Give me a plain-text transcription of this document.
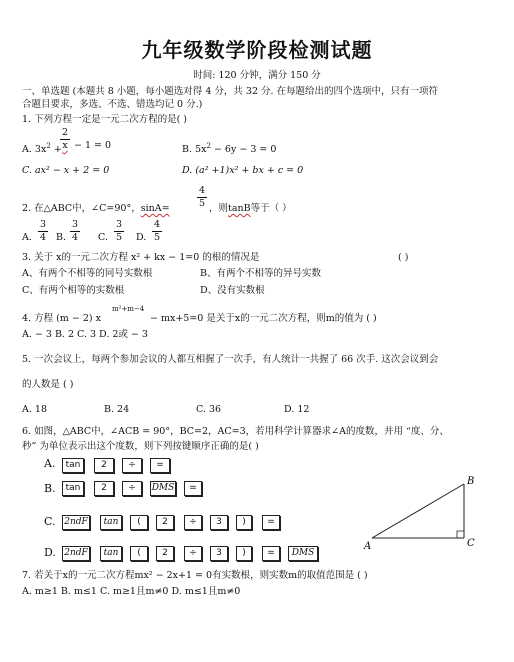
九年级数学阶段检测试题
时间: 120 分钟，满分 150 分
一、单选题 (本题共 8 小题，每小题选对得 4 分，共 32 分. 在每题给出的四个选项中，只有一项符
合题目要求，多选、不选、错选均记 0 分.)
1. 下列方程一定是一元二次方程的是( )
A. $3x^2$ +
2
x − 1 = 0	B. $5x^2 - 6y - 3 = 0$
C. ax² − x + 2 = 0	D. (a² +1)x² + bx + c = 0
2. 在△ABC中，∠C=90°，sinA=
4
5 ，则tanB等于（ ）
A.
3
4 B.
3
4 C.
3
5 D.
4
5
3. 关于 x的一元二次方程 x² + kx − 1=0 的根的情况是	( )
A、有两个不相等的同号实数根	B、有两个不相等的异号实数
C、有两个相等的实数根	D、没有实数根
4. 方程 (m − 2) x
m²+m−4
− mx+5=0 是关于x的一元二次方程，则m的值为 ( )
A. − 3 B. 2 C. 3 D. 2或 − 3
5. 一次会议上，每两个参加会议的人都互相握了一次手，有人统计一共握了 66 次手. 这次会议到会
的人数是 ( )
A. 18	B. 24	C. 36	D. 12
6. 如图，△ABC中，∠ACB = 90°，BC=2，AC=3，若用科学计算器求∠A的度数，并用 “度、分、
秒” 为单位表示出这个度数，则下列按键顺序正确的是( )
A.	tan	2	÷	=
B.	tan	2	÷	DMS	=
C. 2ndF	tan	(	2	÷	3	)	=
D. 2ndF	tan	(	2	÷	3	)	=	DMS
A
B
C
7. 若关于x的一元二次方程mx² − 2x+1 = 0有实数根，则实数m的取值范围是 ( )
A. m≥1 B. m≤1 C. m≥1且m≠0 D. m≤1且m≠0
